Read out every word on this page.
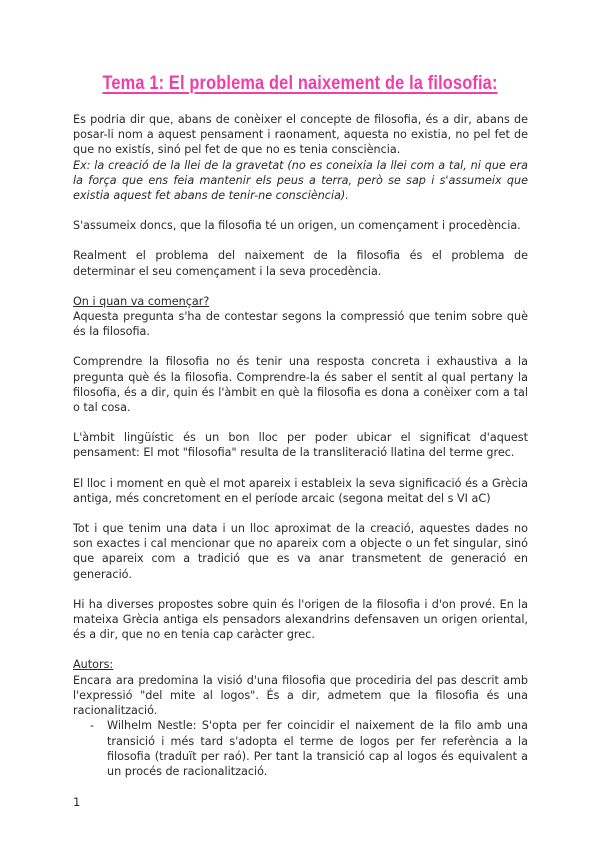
Tema 1: El problema del naixement de la filosofia:

Es podria dir que, abans de conèixer el concepte de filosofia, és a dir, abans de posar-li nom a aquest pensament i raonament, aquesta no existia, no pel fet de que no existís, sinó pel fet de que no es tenia consciència.

Ex: la creació de la llei de la gravetat (no es coneixia la llei com a tal, ni que era la força que ens feia mantenir els peus a terra, però se sap i s'assumeix que existia aquest fet abans de tenir-ne consciència).

S'assumeix doncs, que la filosofia té un origen, un començament i procedència.

Realment el problema del naixement de la filosofia és el problema de determinar el seu començament i la seva procedència.

On i quan va començar?

Aquesta pregunta s'ha de contestar segons la compressió que tenim sobre què és la filosofia.

Comprendre la filosofia no és tenir una resposta concreta i exhaustiva a la pregunta què és la filosofia. Comprendre-la és saber el sentit al qual pertany la filosofia, és a dir, quin és l'àmbit en què la filosofia es dona a conèixer com a tal o tal cosa.

L'àmbit lingüístic és un bon lloc per poder ubicar el significat d'aquest pensament: El mot "filosofia" resulta de la transliteració llatina del terme grec.

El lloc i moment en què el mot apareix i estableix la seva significació és a Grècia antiga, més concretoment en el període arcaic (segona meitat del s VI aC)

Tot i que tenim una data i un lloc aproximat de la creació, aquestes dades no son exactes i cal mencionar que no apareix com a objecte o un fet singular, sinó que apareix com a tradició que es va anar transmetent de generació en generació.

Hi ha diverses propostes sobre quin és l'origen de la filosofia i d'on prové. En la mateixa Grècia antiga els pensadors alexandrins defensaven un origen oriental, és a dir, que no en tenia cap caràcter grec.

Autors:

Encara ara predomina la visió d'una filosofia que procediria del pas descrit amb l'expressió "del mite al logos". És a dir, admetem que la filosofia és una racionalització.

- Wilhelm Nestle: S'opta per fer coincidir el naixement de la filo amb una transició i més tard s'adopta el terme de logos per fer referència a la filosofia (traduït per raó). Per tant la transició cap al logos és equivalent a un procés de racionalització.
1
